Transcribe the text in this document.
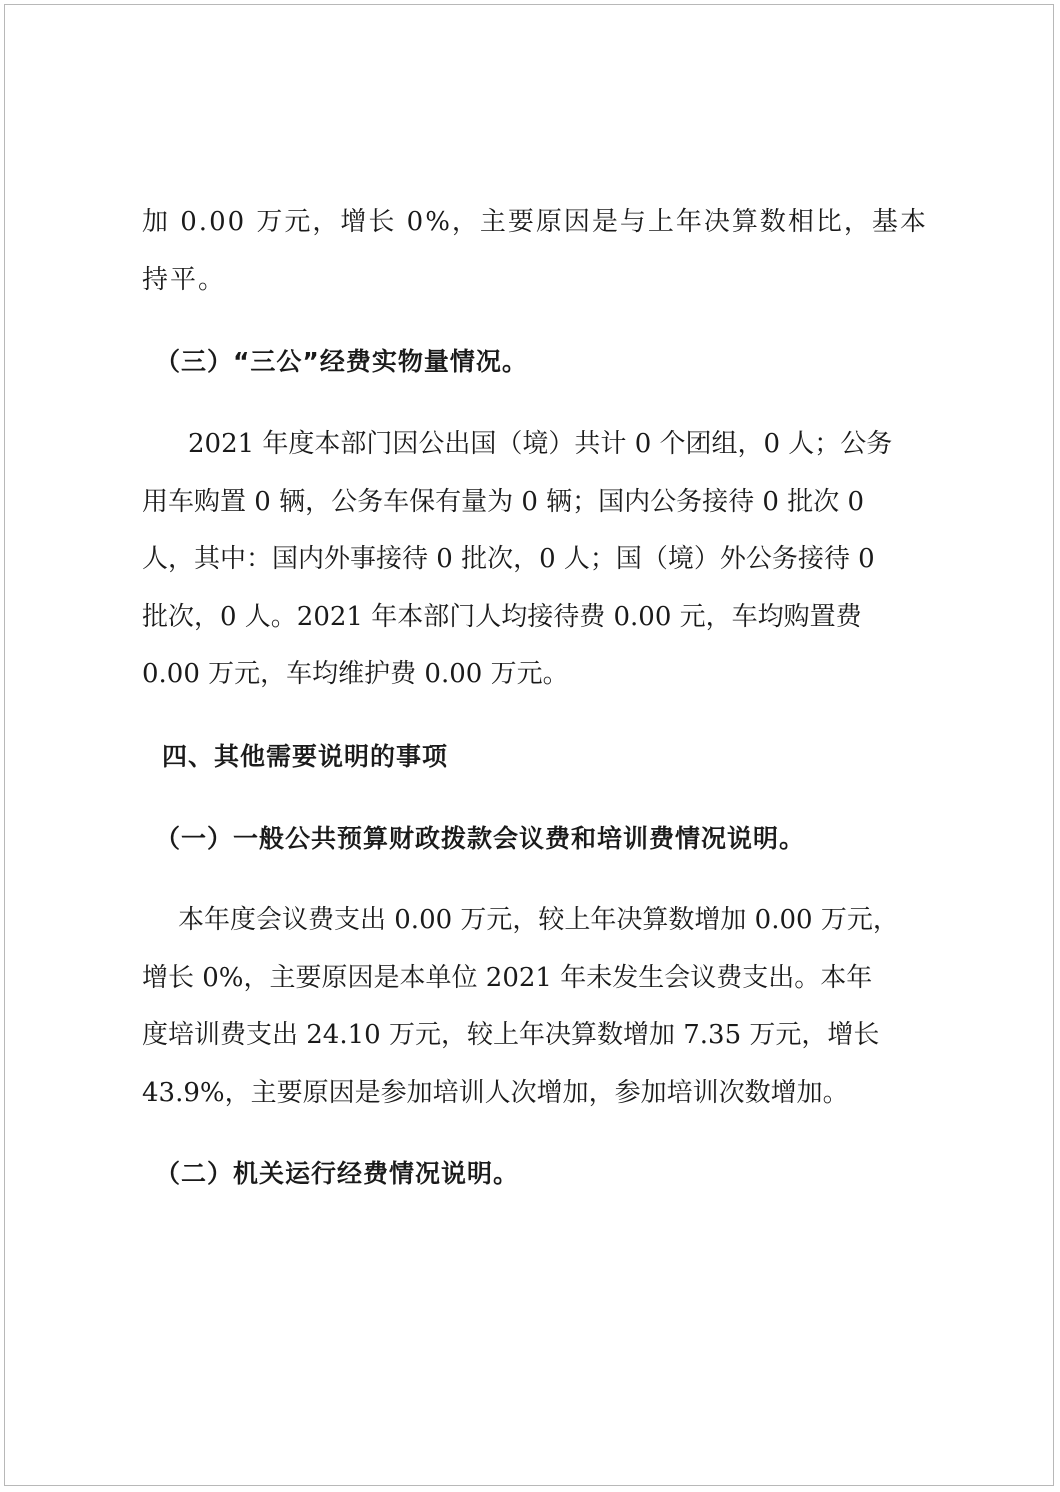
加 0.00 万元，增长 0%，主要原因是与上年决算数相比，基本
持平。
（三）“三公”经费实物量情况。
2021 年度本部门因公出国（境）共计 0 个团组，0 人；公务
用车购置 0 辆，公务车保有量为 0 辆；国内公务接待 0 批次 0
人，其中：国内外事接待 0 批次，0 人；国（境）外公务接待 0
批次，0 人。2021 年本部门人均接待费 0.00 元，车均购置费
0.00 万元，车均维护费 0.00 万元。
四、其他需要说明的事项
（一）一般公共预算财政拨款会议费和培训费情况说明。
本年度会议费支出 0.00 万元，较上年决算数增加 0.00 万元，
增长 0%，主要原因是本单位 2021 年未发生会议费支出。本年
度培训费支出 24.10 万元，较上年决算数增加 7.35 万元，增长
43.9%，主要原因是参加培训人次增加，参加培训次数增加。
（二）机关运行经费情况说明。
